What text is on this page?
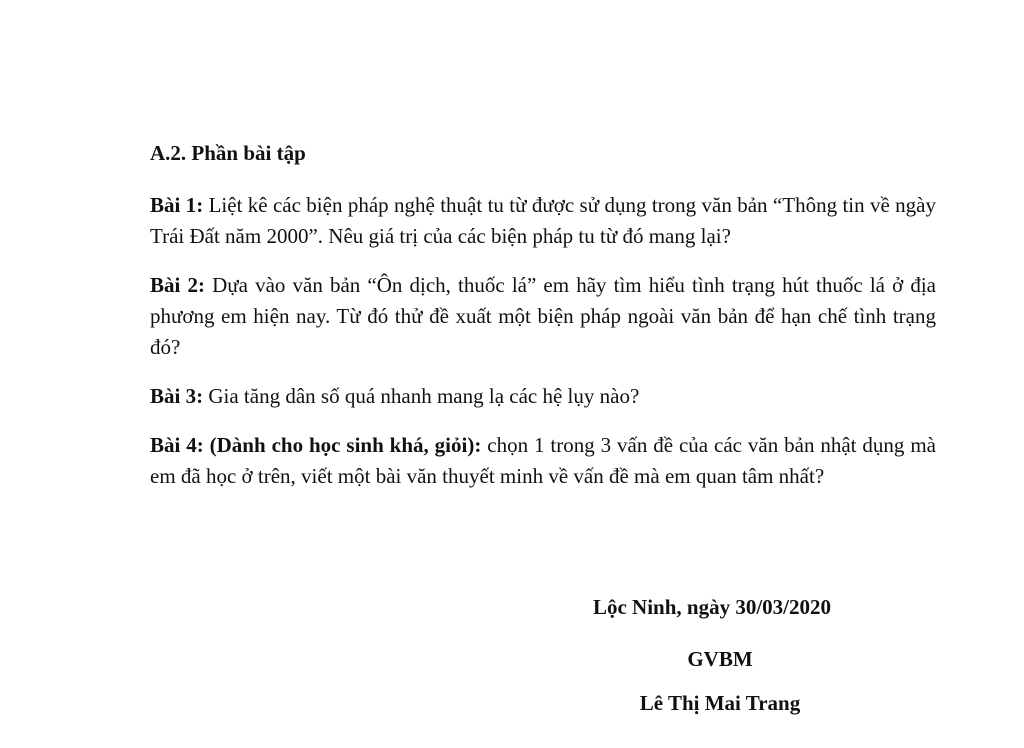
A.2. Phần bài tập

Bài 1: Liệt kê các biện pháp nghệ thuật tu từ được sử dụng trong văn bản “Thông tin về ngày Trái Đất năm 2000”. Nêu giá trị của các biện pháp tu từ đó mang lại?

Bài 2: Dựa vào văn bản “Ôn dịch, thuốc lá” em hãy tìm hiểu tình trạng hút thuốc lá ở địa phương em hiện nay. Từ đó thử đề xuất một biện pháp ngoài văn bản để hạn chế tình trạng đó?

Bài 3: Gia tăng dân số quá nhanh mang lạ các hệ lụy nào?

Bài 4: (Dành cho học sinh khá, giỏi): chọn 1 trong 3 vấn đề của các văn bản nhật dụng mà em đã học ở trên, viết một bài văn thuyết minh về vấn đề mà em quan tâm nhất?

Lộc Ninh, ngày 30/03/2020
GVBM
Lê Thị Mai Trang
